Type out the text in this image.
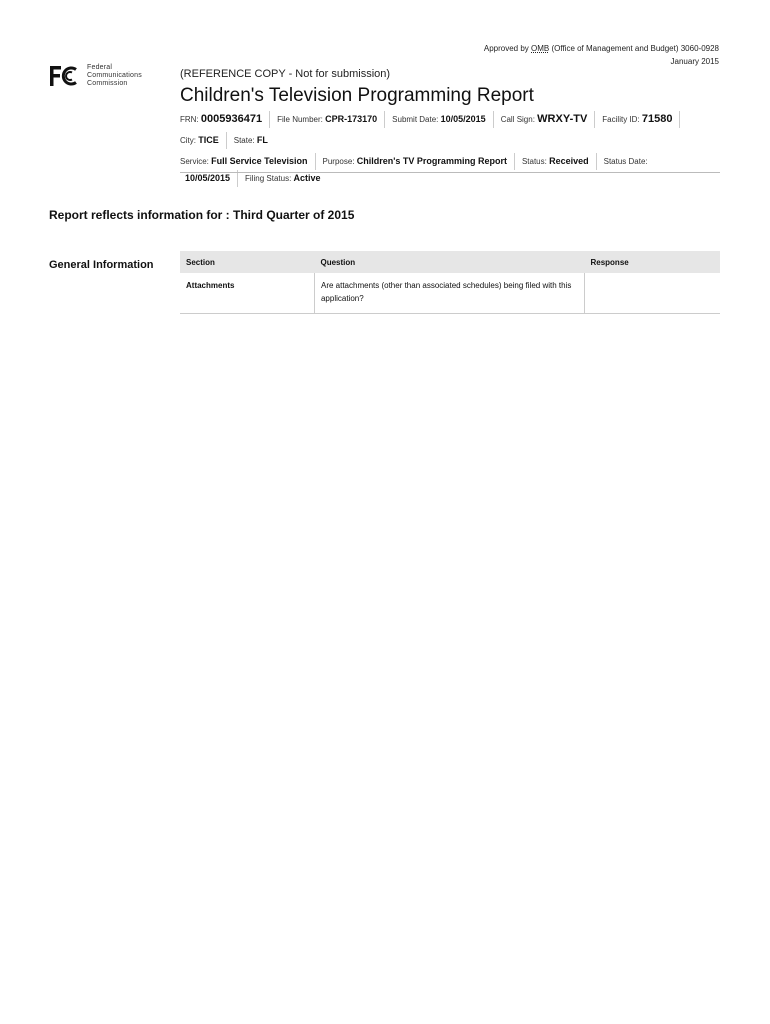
Approved by OMB (Office of Management and Budget) 3060-0928
January 2015
Federal
Communications
Commission
(REFERENCE COPY - Not for submission)
Children's Television Programming Report
FRN: 0005936471	File Number: CPR-173170	Submit Date: 10/05/2015	Call Sign: WRXY-TV	Facility ID: 71580
City: TICE	State: FL
Service: Full Service Television	Purpose: Children's TV Programming Report	Status: Received	Status Date:
10/05/2015	Filing Status: Active
Report reflects information for : Third Quarter of 2015
General Information	Section	Question	Response
Attachments	Are attachments (other than associated schedules) being filed with this application?	
